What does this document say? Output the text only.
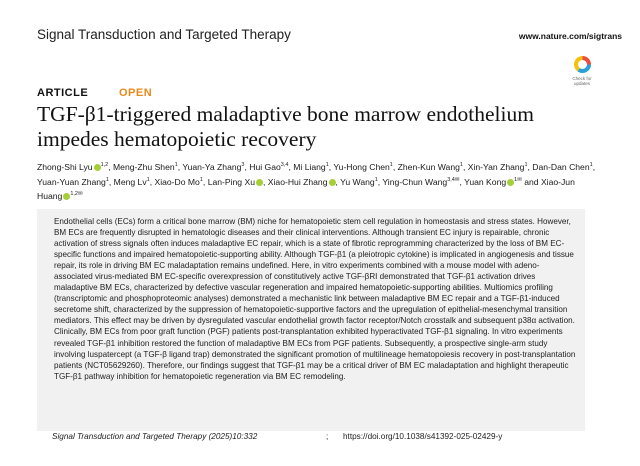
Signal Transduction and Targeted Therapy	www.nature.com/sigtrans
Check for updates
ARTICLE	OPEN
TGF-β1-triggered maladaptive bone marrow endothelium impedes hematopoietic recovery
Zhong-Shi Lyu $^{1,2}$, Meng-Zhu Shen$^1$, Yuan-Ya Zhang$^3$, Hui Gao$^{3,4}$, Mi Liang$^1$, Yu-Hong Chen$^1$, Zhen-Kun Wang$^1$, Xin-Yan Zhang$^1$, Dan-Dan Chen$^1$, Yuan-Yuan Zhang$^1$, Meng Lv$^1$, Xiao-Do Mo$^1$, Lan-Ping Xu , Xiao-Hui Zhang , Yu Wang$^1$, Ying-Chun Wang$^{3,4✉}$, Yuan Kong $^{1✉}$ and Xiao-Jun Huang $^{1,2✉}$

Endothelial cells (ECs) form a critical bone marrow (BM) niche for hematopoietic stem cell regulation in homeostasis and stress states. However, BM ECs are frequently disrupted in hematologic diseases and their clinical interventions. Although transient EC injury is repairable, chronic activation of stress signals often induces maladaptive EC repair, which is a state of fibrotic reprogramming characterized by the loss of BM EC-specific functions and impaired hematopoietic-supporting ability. Although TGF-β1 (a pleiotropic cytokine) is implicated in angiogenesis and tissue repair, its role in driving BM EC maladaptation remains undefined. Here, in vitro experiments combined with a mouse model with adeno-associated virus-mediated BM EC-specific overexpression of constitutively active TGF-βRI demonstrated that TGF-β1 activation drives maladaptive BM ECs, characterized by defective vascular regeneration and impaired hematopoietic-supporting abilities. Multiomics profiling (transcriptomic and phosphoproteomic analyses) demonstrated a mechanistic link between maladaptive BM EC repair and a TGF-β1-induced secretome shift, characterized by the suppression of hematopoietic-supportive factors and the upregulation of epithelial-mesenchymal transition mediators. This effect may be driven by dysregulated vascular endothelial growth factor receptor/Notch crosstalk and subsequent p38α activation. Clinically, BM ECs from poor graft function (PGF) patients post-transplantation exhibited hyperactivated TGF-β1 signaling. In vitro experiments revealed TGF-β1 inhibition restored the function of maladaptive BM ECs from PGF patients. Subsequently, a prospective single-arm study involving luspatercept (a TGF-β ligand trap) demonstrated the significant promotion of multilineage hematopoiesis recovery in post-transplantation patients (NCT05629260). Therefore, our findings suggest that TGF-β1 may be a critical driver of BM EC maladaptation and highlight therapeutic TGF-β1 pathway inhibition for hematopoietic regeneration via BM EC remodeling.

Signal Transduction and Targeted Therapy (2025)10:332	; https://doi.org/10.1038/s41392-025-02429-y
